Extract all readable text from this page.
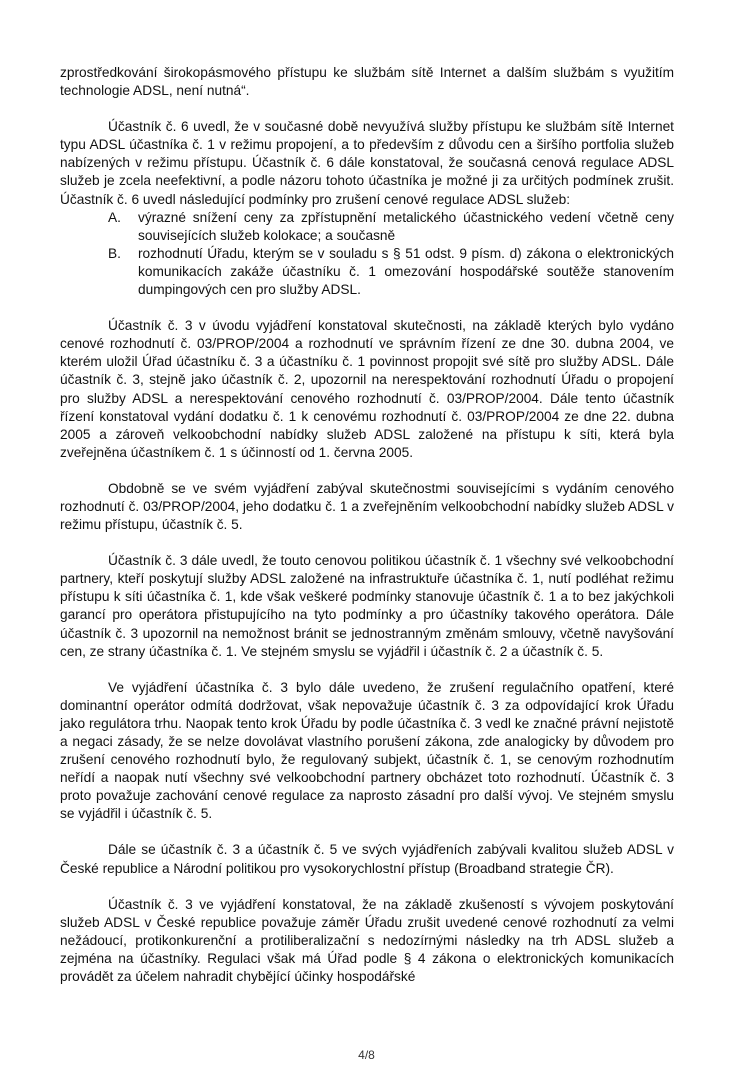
zprostředkování širokopásmového přístupu ke službám sítě Internet a dalším službám s využitím technologie ADSL, není nutná“.

Účastník č. 6 uvedl, že v současné době nevyužívá služby přístupu ke službám sítě Internet typu ADSL účastníka č. 1 v režimu propojení, a to především z důvodu cen a širšího portfolia služeb nabízených v režimu přístupu. Účastník č. 6 dále konstatoval, že současná cenová regulace ADSL služeb je zcela neefektivní, a podle názoru tohoto účastníka je možné ji za určitých podmínek zrušit. Účastník č. 6 uvedl následující podmínky pro zrušení cenové regulace ADSL služeb:

A. výrazné snížení ceny za zpřístupnění metalického účastnického vedení včetně ceny souvisejících služeb kolokace; a současně
B. rozhodnutí Úřadu, kterým se v souladu s § 51 odst. 9 písm. d) zákona o elektronických komunikacích zakáže účastníku č. 1 omezování hospodářské soutěže stanovením dumpingových cen pro služby ADSL.

Účastník č. 3 v úvodu vyjádření konstatoval skutečnosti, na základě kterých bylo vydáno cenové rozhodnutí č. 03/PROP/2004 a rozhodnutí ve správním řízení ze dne 30. dubna 2004, ve kterém uložil Úřad účastníku č. 3 a účastníku č. 1 povinnost propojit své sítě pro služby ADSL. Dále účastník č. 3, stejně jako účastník č. 2, upozornil na nerespektování rozhodnutí Úřadu o propojení pro služby ADSL a nerespektování cenového rozhodnutí č. 03/PROP/2004. Dále tento účastník řízení konstatoval vydání dodatku č. 1 k cenovému rozhodnutí č. 03/PROP/2004 ze dne 22. dubna 2005 a zároveň velkoobchodní nabídky služeb ADSL založené na přístupu k síti, která byla zveřejněna účastníkem č. 1 s účinností od 1. června 2005.

Obdobně se ve svém vyjádření zabýval skutečnostmi souvisejícími s vydáním cenového rozhodnutí č. 03/PROP/2004, jeho dodatku č. 1 a zveřejněním velkoobchodní nabídky služeb ADSL v režimu přístupu, účastník č. 5.

Účastník č. 3 dále uvedl, že touto cenovou politikou účastník č. 1 všechny své velkoobchodní partnery, kteří poskytují služby ADSL založené na infrastruktuře účastníka č. 1, nutí podléhat režimu přístupu k síti účastníka č. 1, kde však veškeré podmínky stanovuje účastník č. 1 a to bez jakýchkoli garancí pro operátora přistupujícího na tyto podmínky a pro účastníky takového operátora. Dále účastník č. 3 upozornil na nemožnost bránit se jednostranným změnám smlouvy, včetně navyšování cen, ze strany účastníka č. 1. Ve stejném smyslu se vyjádřil i účastník č. 2 a účastník č. 5.

Ve vyjádření účastníka č. 3 bylo dále uvedeno, že zrušení regulačního opatření, které dominantní operátor odmítá dodržovat, však nepovažuje účastník č. 3 za odpovídající krok Úřadu jako regulátora trhu. Naopak tento krok Úřadu by podle účastníka č. 3 vedl ke značné právní nejistotě a negaci zásady, že se nelze dovolávat vlastního porušení zákona, zde analogicky by důvodem pro zrušení cenového rozhodnutí bylo, že regulovaný subjekt, účastník č. 1, se cenovým rozhodnutím neřídí a naopak nutí všechny své velkoobchodní partnery obcházet toto rozhodnutí. Účastník č. 3 proto považuje zachování cenové regulace za naprosto zásadní pro další vývoj. Ve stejném smyslu se vyjádřil i účastník č. 5.

Dále se účastník č. 3 a účastník č. 5 ve svých vyjádřeních zabývali kvalitou služeb ADSL v České republice a Národní politikou pro vysokorychlostní přístup (Broadband strategie ČR).

Účastník č. 3 ve vyjádření konstatoval, že na základě zkušeností s vývojem poskytování služeb ADSL v České republice považuje záměr Úřadu zrušit uvedené cenové rozhodnutí za velmi nežádoucí, protikonkurenční a protiliberalizační s nedozírnými následky na trh ADSL služeb a zejména na účastníky. Regulaci však má Úřad podle § 4 zákona o elektronických komunikacích provádět za účelem nahradit chybějící účinky hospodářské

4/8
